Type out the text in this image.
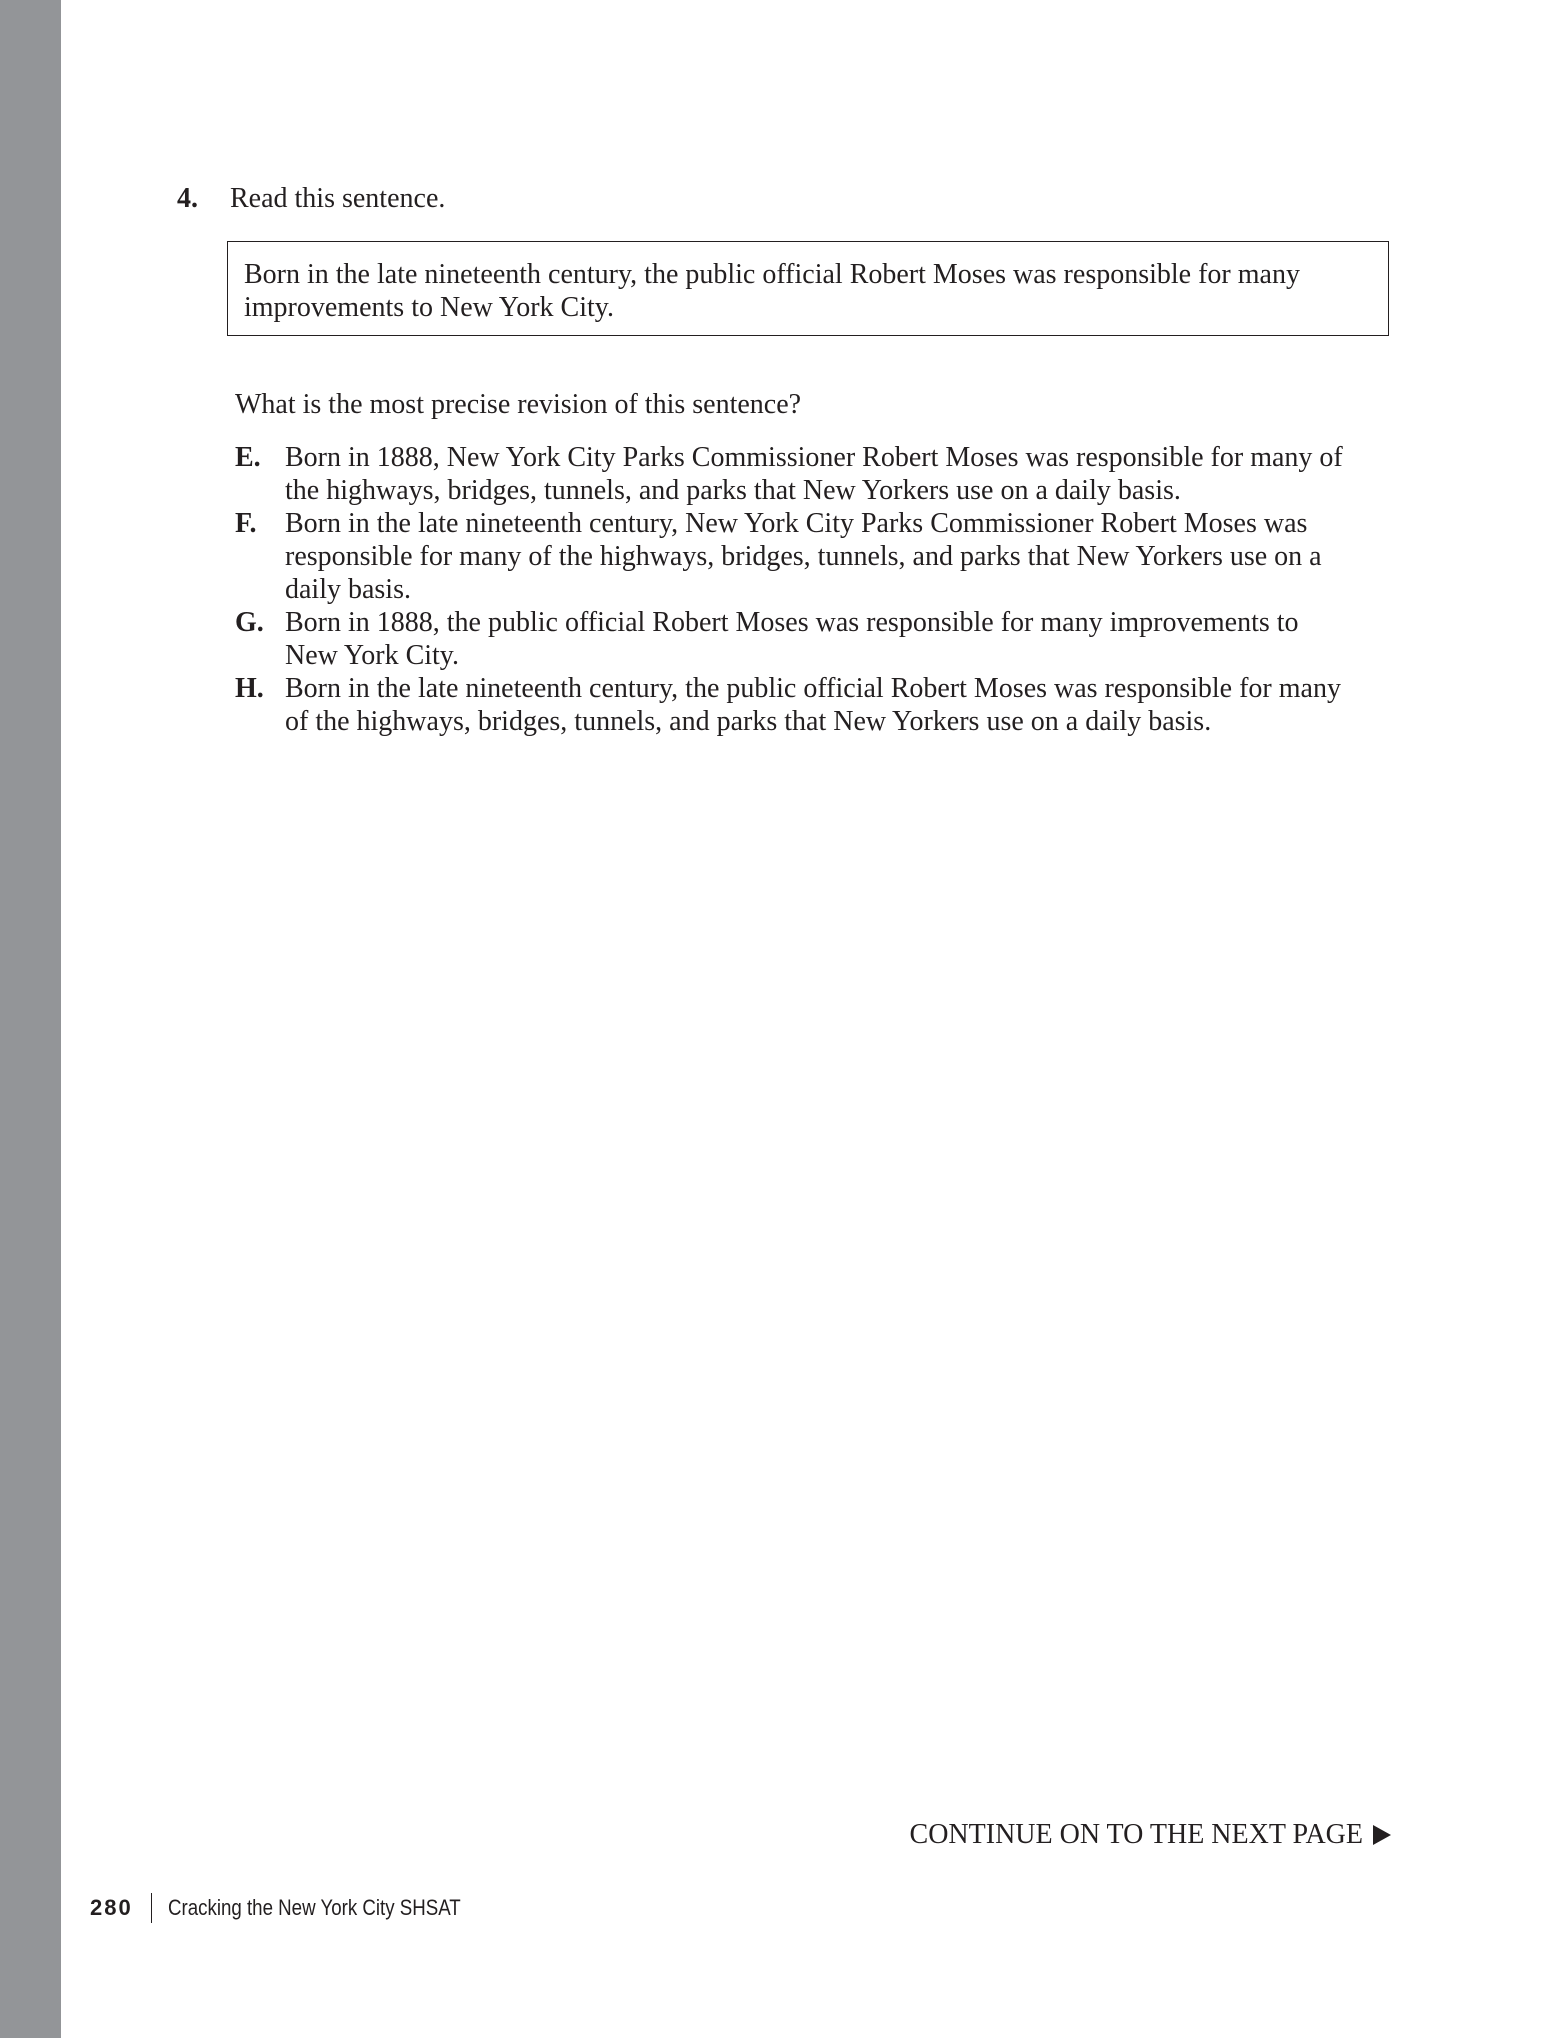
4. Read this sentence.
Born in the late nineteenth century, the public official Robert Moses was responsible for many improvements to New York City.
What is the most precise revision of this sentence?
E. Born in 1888, New York City Parks Commissioner Robert Moses was responsible for many of the highways, bridges, tunnels, and parks that New Yorkers use on a daily basis.
F. Born in the late nineteenth century, New York City Parks Commissioner Robert Moses was responsible for many of the highways, bridges, tunnels, and parks that New Yorkers use on a daily basis.
G. Born in 1888, the public official Robert Moses was responsible for many improvements to New York City.
H. Born in the late nineteenth century, the public official Robert Moses was responsible for many of the highways, bridges, tunnels, and parks that New Yorkers use on a daily basis.
CONTINUE ON TO THE NEXT PAGE
280 Cracking the New York City SHSAT
